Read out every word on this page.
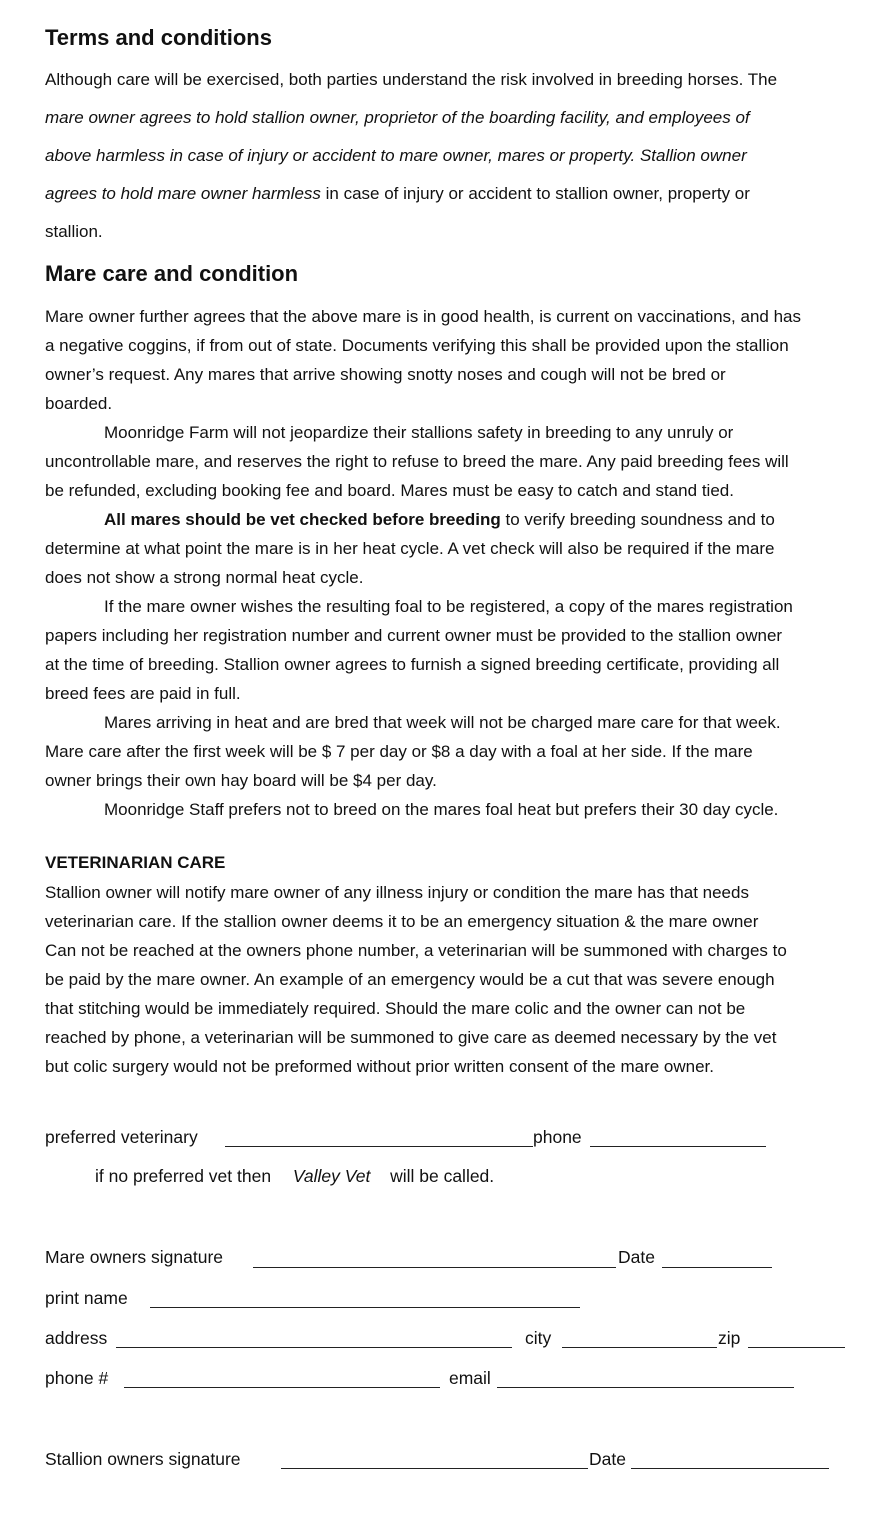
Terms and conditions
Although care will be exercised, both parties understand the risk involved in breeding horses. The
mare owner agrees to hold stallion owner, proprietor of the boarding facility, and employees of
above harmless in case of injury or accident to mare owner, mares or property. Stallion owner
agrees to hold mare owner harmless in case of injury or accident to stallion owner, property or
stallion.
Mare care and condition
Mare owner further agrees that the above mare is in good health, is current on vaccinations, and has
a negative coggins, if from out of state. Documents verifying this shall be provided upon the stallion
owner’s request. Any mares that arrive showing snotty noses and cough will not be bred or
boarded.
Moonridge Farm will not jeopardize their stallions safety in breeding to any unruly or
uncontrollable mare, and reserves the right to refuse to breed the mare. Any paid breeding fees will
be refunded, excluding booking fee and board. Mares must be easy to catch and stand tied.
All mares should be vet checked before breeding to verify breeding soundness and to
determine at what point the mare is in her heat cycle. A vet check will also be required if the mare
does not show a strong normal heat cycle.
If the mare owner wishes the resulting foal to be registered, a copy of the mares registration
papers including her registration number and current owner must be provided to the stallion owner
at the time of breeding. Stallion owner agrees to furnish a signed breeding certificate, providing all
breed fees are paid in full.
Mares arriving in heat and are bred that week will not be charged mare care for that week.
Mare care after the first week will be $ 7 per day or $8 a day with a foal at her side. If the mare
owner brings their own hay board will be $4 per day.
Moonridge Staff prefers not to breed on the mares foal heat but prefers their 30 day cycle.
VETERINARIAN CARE
Stallion owner will notify mare owner of any illness injury or condition the mare has that needs
veterinarian care. If the stallion owner deems it to be an emergency situation & the mare owner
Can not be reached at the owners phone number, a veterinarian will be summoned with charges to
be paid by the mare owner. An example of an emergency would be a cut that was severe enough
that stitching would be immediately required. Should the mare colic and the owner can not be
reached by phone, a veterinarian will be summoned to give care as deemed necessary by the vet
but colic surgery would not be preformed without prior written consent of the mare owner.
preferred veterinary	phone
if no preferred vet then Valley Vet will be called.
Mare owners signature	Date
print name
address	city	zip
phone #	email
Stallion owners signature	Date
